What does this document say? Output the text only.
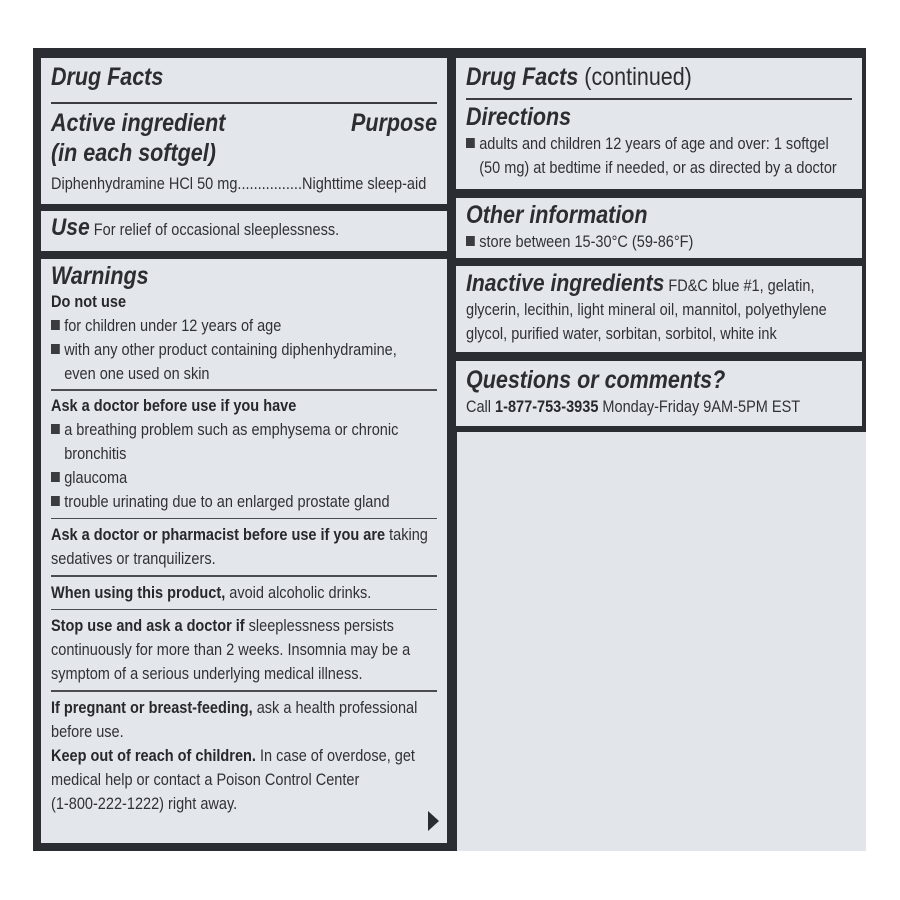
Drug Facts
Active ingredient	Purpose
(in each softgel)
Diphenhydramine HCl 50 mg................Nighttime sleep-aid
Use For relief of occasional sleeplessness.
Warnings
Do not use
for children under 12 years of age
with any other product containing diphenhydramine,
even one used on skin
Ask a doctor before use if you have
a breathing problem such as emphysema or chronic
bronchitis
glaucoma
trouble urinating due to an enlarged prostate gland
Ask a doctor or pharmacist before use if you are taking
sedatives or tranquilizers.
When using this product, avoid alcoholic drinks.
Stop use and ask a doctor if sleeplessness persists
continuously for more than 2 weeks. Insomnia may be a
symptom of a serious underlying medical illness.
If pregnant or breast-feeding, ask a health professional
before use.
Keep out of reach of children. In case of overdose, get
medical help or contact a Poison Control Center
(1-800-222-1222) right away.
Drug Facts (continued)
Directions
adults and children 12 years of age and over: 1 softgel
(50 mg) at bedtime if needed, or as directed by a doctor
Other information
store between 15-30°C (59-86°F)
Inactive ingredients FD&C blue #1, gelatin,
glycerin, lecithin, light mineral oil, mannitol, polyethylene
glycol, purified water, sorbitan, sorbitol, white ink
Questions or comments?
Call 1-877-753-3935 Monday-Friday 9AM-5PM EST
